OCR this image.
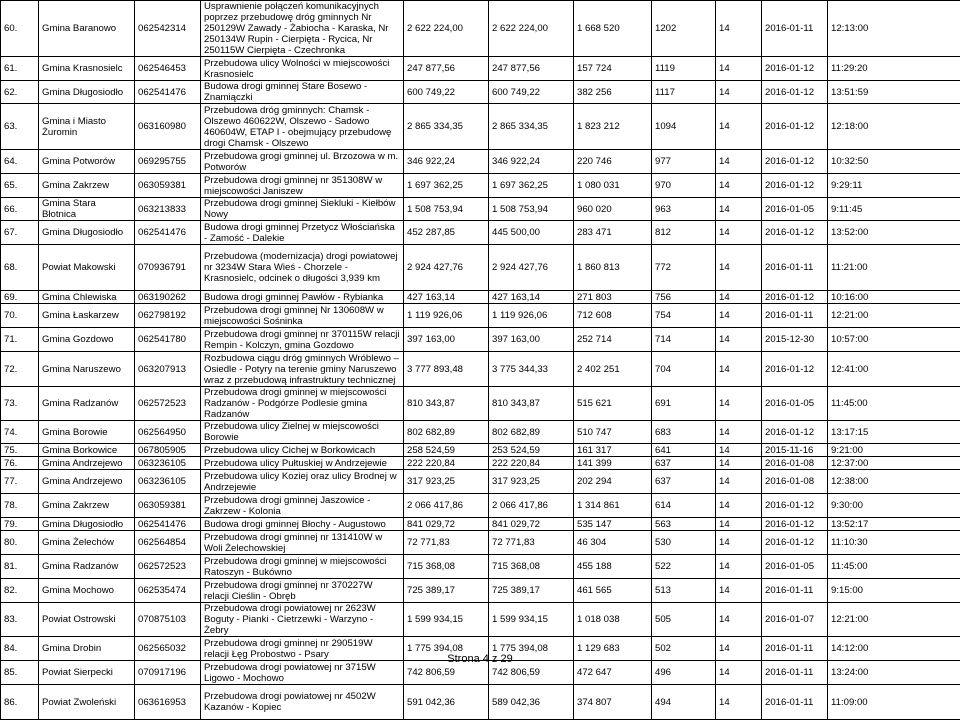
60.	Gmina Baranowo	062542314	Usprawnienie połączeń komunikacyjnych poprzez przebudowę dróg gminnych Nr 250129W Zawady - Żabiocha - Karaska, Nr 250134W Rupin - Cierpięta - Rycica, Nr 250115W Cierpięta - Czechronka	2 622 224,00	2 622 224,00	1 668 520	1202	14	2016-01-11	12:13:00
61.	Gmina Krasnosielc	062546453	Przebudowa ulicy Wolności w miejscowości Krasnosielc	247 877,56	247 877,56	157 724	1119	14	2016-01-12	11:29:20
62.	Gmina Długosiodło	062541476	Budowa drogi gminnej Stare Bosewo - Znamiączki	600 749,22	600 749,22	382 256	1117	14	2016-01-12	13:51:59
63.	Gmina i Miasto Żuromin	063160980	Przebudowa dróg gminnych: Chamsk - Olszewo 460622W, Olszewo - Sadowo 460604W, ETAP I - obejmujący przebudowę drogi Chamsk - Olszewo	2 865 334,35	2 865 334,35	1 823 212	1094	14	2016-01-12	12:18:00
64.	Gmina Potworów	069295755	Przebudowa grogi gminnej ul. Brzozowa w m. Potworów	346 922,24	346 922,24	220 746	977	14	2016-01-12	10:32:50
65.	Gmina Zakrzew	063059381	Przebudowa drogi gminnej nr 351308W w miejscowości Janiszew	1 697 362,25	1 697 362,25	1 080 031	970	14	2016-01-12	9:29:11
66.	Gmina Stara Błotnica	063213833	Przebudowa drogi gminnej Siekluki - Kiełbów Nowy	1 508 753,94	1 508 753,94	960 020	963	14	2016-01-05	9:11:45
67.	Gmina Długosiodło	062541476	Budowa drogi gminnej Przetycz Włościańska - Zamość - Dalekie	452 287,85	445 500,00	283 471	812	14	2016-01-12	13:52:00
68.	Powiat Makowski	070936791	Przebudowa (modernizacja) drogi powiatowej nr 3234W Stara Wieś - Chorzele - Krasnosielc, odcinek o długości 3,939 km	2 924 427,76	2 924 427,76	1 860 813	772	14	2016-01-11	11:21:00
69.	Gmina Chlewiska	063190262	Budowa drogi gminnej Pawłów - Rybianka	427 163,14	427 163,14	271 803	756	14	2016-01-12	10:16:00
70.	Gmina Łaskarzew	062798192	Przebudowa drogi gminnej Nr 130608W w miejscowości Sośninka	1 119 926,06	1 119 926,06	712 608	754	14	2016-01-11	12:21:00
71.	Gmina Gozdowo	062541780	Przebudowa drogi gminnej nr 370115W relacji Rempin - Kolczyn, gmina Gozdowo	397 163,00	397 163,00	252 714	714	14	2015-12-30	10:57:00
72.	Gmina Naruszewo	063207913	Rozbudowa ciągu dróg gminnych Wróblewo – Osiedle - Potyry na terenie gminy Naruszewo wraz z przebudową infrastruktury technicznej	3 777 893,48	3 775 344,33	2 402 251	704	14	2016-01-12	12:41:00
73.	Gmina Radzanów	062572523	Przebudowa drogi gminnej w miejscowości Radzanów - Podgórze Podlesie gmina Radzanów	810 343,87	810 343,87	515 621	691	14	2016-01-05	11:45:00
74.	Gmina Borowie	062564950	Przebudowa ulicy Zielnej w miejscowości Borowie	802 682,89	802 682,89	510 747	683	14	2016-01-12	13:17:15
75.	Gmina Borkowice	067805905	Przebudowa ulicy Cichej w Borkowicach	258 524,59	253 524,59	161 317	641	14	2015-11-16	9:21:00
76.	Gmina Andrzejewo	063236105	Przebudowa ulicy Pułtuskiej w Andrzejewie	222 220,84	222 220,84	141 399	637	14	2016-01-08	12:37:00
77.	Gmina Andrzejewo	063236105	Przebudowa ulicy Koziej oraz ulicy Brodnej w Andrzejewie	317 923,25	317 923,25	202 294	637	14	2016-01-08	12:38:00
78.	Gmina Zakrzew	063059381	Przebudowa drogi gminnej Jaszowice - Zakrzew - Kolonia	2 066 417,86	2 066 417,86	1 314 861	614	14	2016-01-12	9:30:00
79.	Gmina Długosiodło	062541476	Budowa drogi gminnej Błochy - Augustowo	841 029,72	841 029,72	535 147	563	14	2016-01-12	13:52:17
80.	Gmina Żelechów	062564854	Przebudowa drogi gminnej nr 131410W w Woli Żelechowskiej	72 771,83	72 771,83	46 304	530	14	2016-01-12	11:10:30
81.	Gmina Radzanów	062572523	Przebudowa drogi gminnej w miejscowości Ratoszyn - Bukówno	715 368,08	715 368,08	455 188	522	14	2016-01-05	11:45:00
82.	Gmina Mochowo	062535474	Przebudowa drogi gminnej nr 370227W relacji Cieślin - Obręb	725 389,17	725 389,17	461 565	513	14	2016-01-11	9:15:00
83.	Powiat Ostrowski	070875103	Przebudowa drogi powiatowej nr 2623W Boguty - Pianki - Cietrzewki - Warzyno - Żebry	1 599 934,15	1 599 934,15	1 018 038	505	14	2016-01-07	12:21:00
84.	Gmina Drobin	062565032	Przebudowa drogi gminnej nr 290519W relacji Łęg Probostwo - Psary	1 775 394,08	1 775 394,08	1 129 683	502	14	2016-01-11	14:12:00
85.	Powiat Sierpecki	070917196	Przebudowa drogi powiatowej nr 3715W Ligowo - Mochowo	742 806,59	742 806,59	472 647	496	14	2016-01-11	13:24:00
86.	Powiat Zwoleński	063616953	Przebudowa drogi powiatowej nr 4502W Kazanów - Kopiec	591 042,36	589 042,36	374 807	494	14	2016-01-11	11:09:00
Strona 4 z 29
